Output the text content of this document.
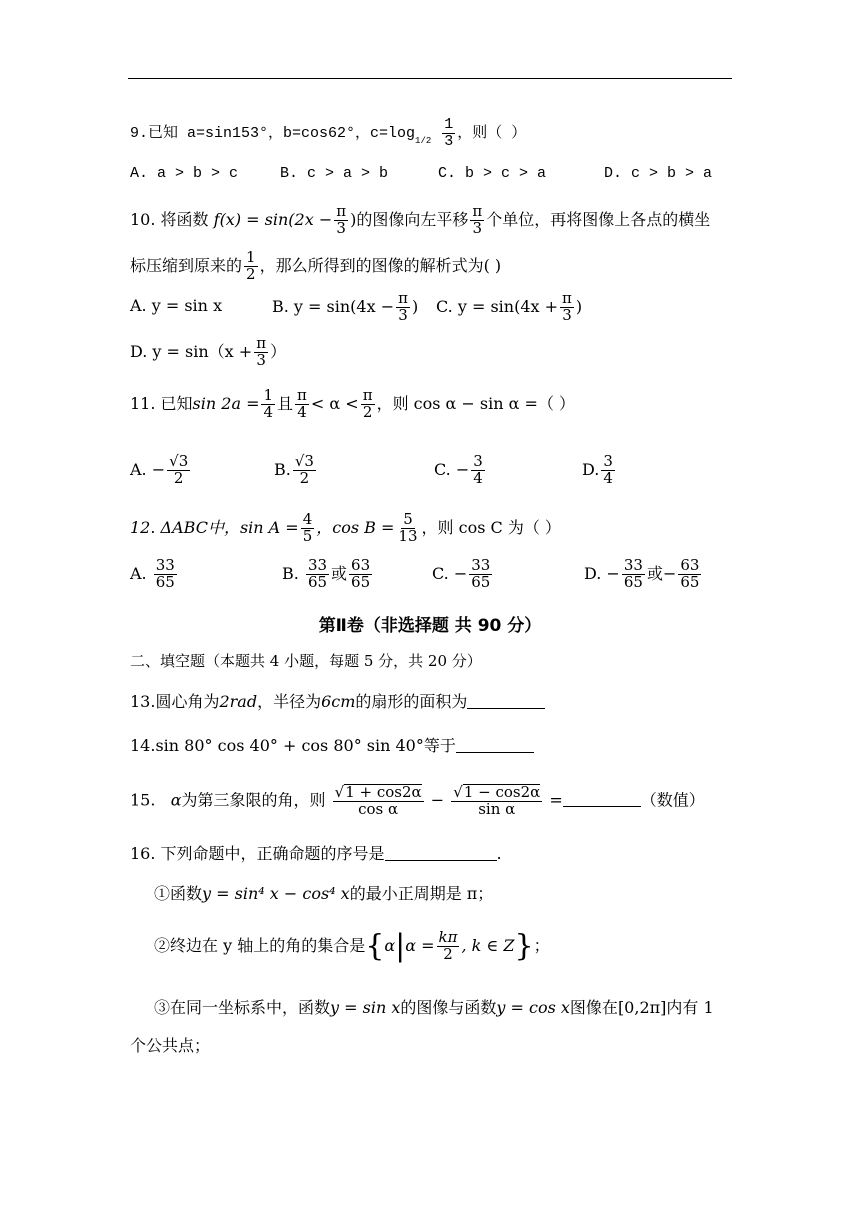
9.已知 a=sin153°，b=cos62°，$c=\log_{1/2} \frac{1}{3}$ ，则（ ）
A. a > b > c	B. c > a > b	C. b > c > a	D. c > b > a
10. 将函数 $f(x) = \sin(2x - \frac{\pi}{3}$ )的图像向左平移 $\frac{\pi}{3}$ 个单位，再将图像上各点的横坐
标压缩到原来的 $\frac{1}{2}$ ，那么所得到的图像的解析式为( )
A. y = sin x	B. $y = \sin(4x - \frac{\pi}{3}$ ) C. $y = \sin(4x + \frac{\pi}{3}$ )
D. $y = \sin(x + \frac{\pi}{3}$ ）
11. 已知$\sin 2a = \frac{1}{4}$ 且 $\frac{\pi}{4} < \alpha < \frac{\pi}{2}$ ，则 cos α − sin α =（ ）
A. − $\frac{√3}{2}$	B. $\frac{√3}{2}$	C. − $\frac{3}{4}$	D. $\frac{3}{4}$
12. ΔABC中，$\sin A = \frac{4}{5}$ ，$\cos B = \frac{5}{13}$ ，则 cos C 为（ ）
A. $\frac{33}{65}$	B. $\frac{33}{65}$ 或 $\frac{63}{65}$	C. − $\frac{33}{65}$	D. − $\frac{33}{65}$ 或− $\frac{63}{65}$
第Ⅱ卷（非选择题 共 90 分）
二、填空题（本题共 4 小题，每题 5 分，共 20 分）
13.圆心角为2rad，半径为6cm的扇形的面积为
14.sin 80° cos 40° + cos 80° sin 40°等于
15. α为第三象限的角，则 $\frac{√1 + \cos 2\alpha}{\text{cos α}} - \frac{√1 - \cos 2\alpha}{\text{sin α}}$ =	（数值）
16. 下列命题中，正确命题的序号是	.
①函数y = sin⁴ x − cos⁴ x的最小正周期是 π；
②终边在 y 轴上的角的集合是{$\alpha|\alpha = \frac{k\pi}{2}$ , k ∈ Z}；
③在同一坐标系中，函数y = sin x的图像与函数y = cos x图像在[0,2π]内有 1
个公共点；
